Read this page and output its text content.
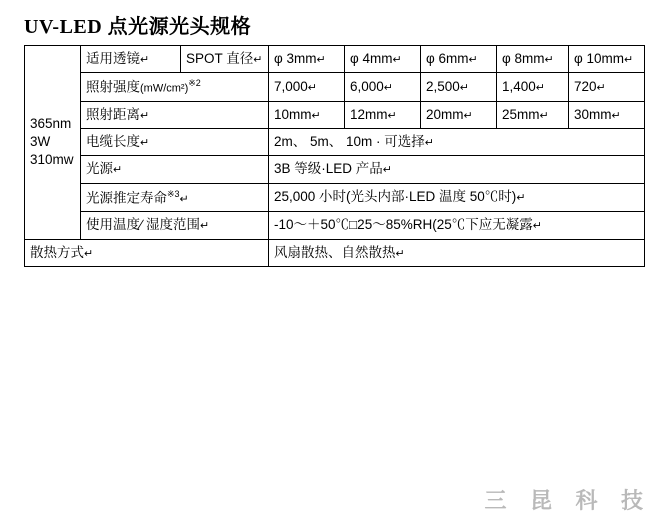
UV-LED 点光源光头规格
365nm
3W
310mw	适用透镜↵	SPOT 直径↵	φ 3mm↵	φ 4mm↵	φ 6mm↵	φ 8mm↵	φ 10mm↵
	照射强度$(mW/cm^2)^{※2}$		7,000↵	6,000↵	2,500↵	1,400↵	720↵
	照射距离↵		10mm↵	12mm↵	20mm↵	25mm↵	30mm↵
	电缆长度↵		2m、 5m、 10m · 可选择↵				
	光源↵		3B 等级·LED 产品↵				
	光源推定寿命$^{※3}$↵		25,000 小时(光头内部·LED 温度 50℃时)↵				
	使用温度∕ 湿度范围↵		-10～＋50℃□25～85%RH(25℃下应无凝露↵				
散热方式↵			风扇散热、自然散热↵				
三 昆 科 技
